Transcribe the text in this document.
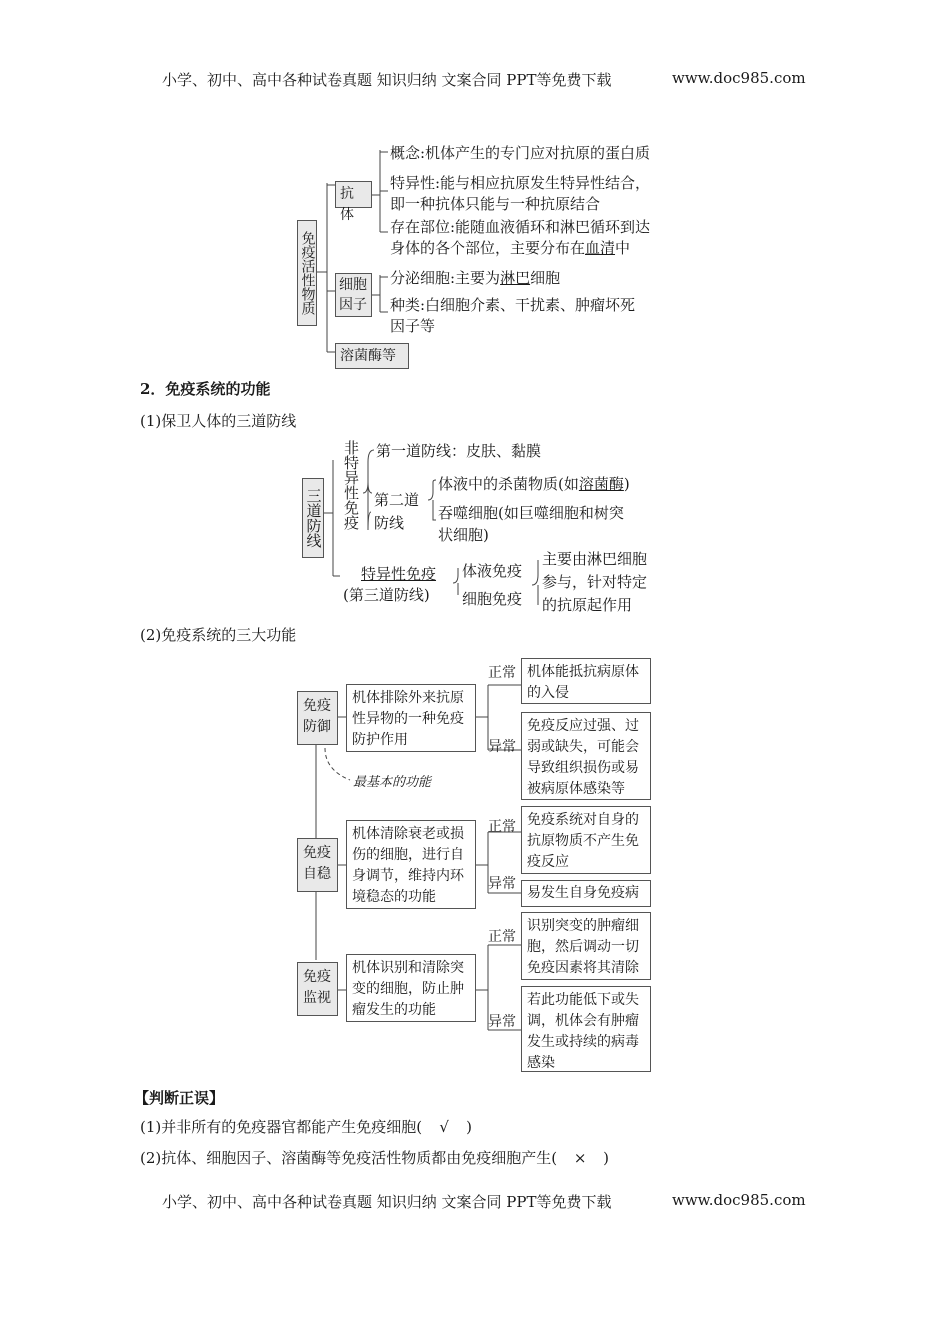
小学、初中、高中各种试卷真题 知识归纳 文案合同 PPT等免费下载	www.doc985.com
免疫活性物质
抗体
概念:机体产生的专门应对抗原的蛋白质
特异性:能与相应抗原发生特异性结合，
即一种抗体只能与一种抗原结合
存在部位:能随血液循环和淋巴循环到达
身体的各个部位，主要分布在血清中
细胞因子
分泌细胞:主要为淋巴细胞
种类:白细胞介素、干扰素、肿瘤坏死
因子等
溶菌酶等
2．免疫系统的功能
(1)保卫人体的三道防线
三道防线 非特异性免疫 第一道防线：皮肤、黏膜
第二道
防线
体液中的杀菌物质(如溶菌酶)
吞噬细胞(如巨噬细胞和树突
状细胞)
特异性免疫
(第三道防线)
体液免疫
细胞免疫
主要由淋巴细胞
参与，针对特定
的抗原起作用
(2)免疫系统的三大功能
免疫防御
机体排除外来抗原性异物的一种免疫防护作用
正常
异常
机体能抵抗病原体的入侵
免疫反应过强、过弱或缺失，可能会导致组织损伤或易被病原体感染等
最基本的功能
免疫自稳
机体清除衰老或损伤的细胞，进行自身调节，维持内环境稳态的功能
正常
异常
免疫系统对自身的抗原物质不产生免疫反应
易发生自身免疫病
免疫监视
机体识别和清除突变的细胞，防止肿瘤发生的功能
正常
异常
识别突变的肿瘤细胞，然后调动一切免疫因素将其清除
若此功能低下或失调，机体会有肿瘤发生或持续的病毒感染
【判断正误】
(1)并非所有的免疫器官都能产生免疫细胞( √ )
(2)抗体、细胞因子、溶菌酶等免疫活性物质都由免疫细胞产生( × )
小学、初中、高中各种试卷真题 知识归纳 文案合同 PPT等免费下载	www.doc985.com
